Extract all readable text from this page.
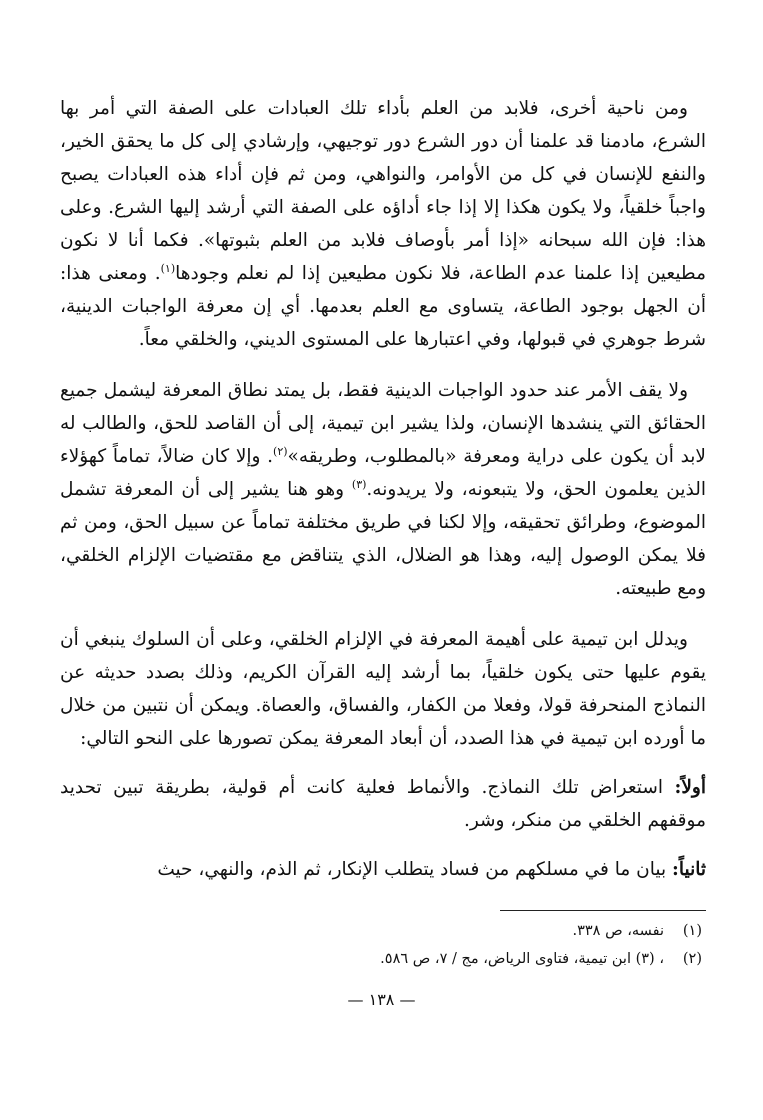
ومن ناحية أخرى، فلابد من العلم بأداء تلك العبادات على الصفة التي أمر بها الشرع، مادمنا قد علمنا أن دور الشرع دور توجيهي، وإرشادي إلى كل ما يحقق الخير، والنفع للإنسان في كل من الأوامر، والنواهي، ومن ثم فإن أداء هذه العبادات يصبح واجباً خلقياً، ولا يكون هكذا إلا إذا جاء أداؤه على الصفة التي أرشد إليها الشرع. وعلى هذا: فإن الله سبحانه «إذا أمر بأوصاف فلابد من العلم بثبوتها». فكما أنا لا نكون مطيعين إذا علمنا عدم الطاعة، فلا نكون مطيعين إذا لم نعلم وجودها$^{(١)}$. ومعنى هذا: أن الجهل بوجود الطاعة، يتساوى مع العلم بعدمها. أي إن معرفة الواجبات الدينية، شرط جوهري في قبولها، وفي اعتبارها على المستوى الديني، والخلقي معاً.

ولا يقف الأمر عند حدود الواجبات الدينية فقط، بل يمتد نطاق المعرفة ليشمل جميع الحقائق التي ينشدها الإنسان، ولذا يشير ابن تيمية، إلى أن القاصد للحق، والطالب له لابد أن يكون على دراية ومعرفة «بالمطلوب، وطريقه»$^{(٢)}$. وإلا كان ضالاً، تماماً كهؤلاء الذين يعلمون الحق، ولا يتبعونه، ولا يريدونه.$^{(٣)}$ وهو هنا يشير إلى أن المعرفة تشمل الموضوع، وطرائق تحقيقه، وإلا لكنا في طريق مختلفة تماماً عن سبيل الحق، ومن ثم فلا يمكن الوصول إليه، وهذا هو الضلال، الذي يتناقض مع مقتضيات الإلزام الخلقي، ومع طبيعته.

ويدلل ابن تيمية على أهيمة المعرفة في الإلزام الخلقي، وعلى أن السلوك ينبغي أن يقوم عليها حتى يكون خلقياً، بما أرشد إليه القرآن الكريم، وذلك بصدد حديثه عن النماذج المنحرفة قولا، وفعلا من الكفار، والفساق، والعصاة. ويمكن أن نتبين من خلال ما أورده ابن تيمية في هذا الصدد، أن أبعاد المعرفة يمكن تصورها على النحو التالي:

أولاً: استعراض تلك النماذج. والأنماط فعلية كانت أم قولية، بطريقة تبين تحديد موقفهم الخلقي من منكر، وشر.

ثانياً: بيان ما في مسلكهم من فساد يتطلب الإنكار، ثم الذم، والنهي، حيث

(١)نفسه، ص ٣٣٨.

(٢)، (٣) ابن تيمية، فتاوى الرياض، مج / ٧، ص ٥٨٦.

— ١٣٨ —
